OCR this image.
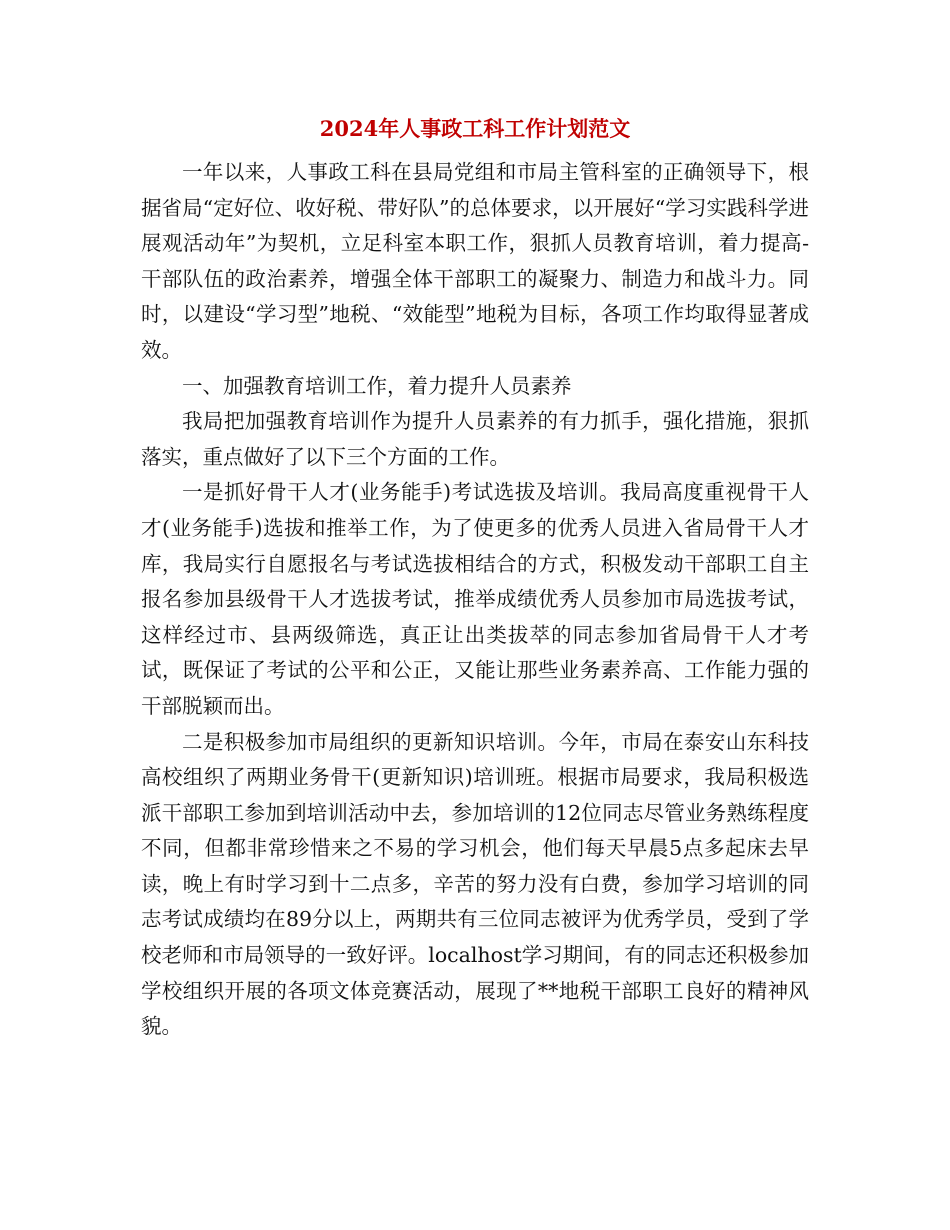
2024年人事政工科工作计划范文

一年以来，人事政工科在县局党组和市局主管科室的正确领导下，根据省局“定好位、收好税、带好队”的总体要求，以开展好“学习实践科学进展观活动年”为契机，立足科室本职工作，狠抓人员教育培训，着力提高-干部队伍的政治素养，增强全体干部职工的凝聚力、制造力和战斗力。同时，以建设“学习型”地税、“效能型”地税为目标，各项工作均取得显著成效。

一、加强教育培训工作，着力提升人员素养

我局把加强教育培训作为提升人员素养的有力抓手，强化措施，狠抓落实，重点做好了以下三个方面的工作。

一是抓好骨干人才(业务能手)考试选拔及培训。我局高度重视骨干人才(业务能手)选拔和推举工作，为了使更多的优秀人员进入省局骨干人才库，我局实行自愿报名与考试选拔相结合的方式，积极发动干部职工自主报名参加县级骨干人才选拔考试，推举成绩优秀人员参加市局选拔考试，这样经过市、县两级筛选，真正让出类拔萃的同志参加省局骨干人才考试，既保证了考试的公平和公正，又能让那些业务素养高、工作能力强的干部脱颖而出。

二是积极参加市局组织的更新知识培训。今年，市局在泰安山东科技高校组织了两期业务骨干(更新知识)培训班。根据市局要求，我局积极选派干部职工参加到培训活动中去，参加培训的12位同志尽管业务熟练程度不同，但都非常珍惜来之不易的学习机会，他们每天早晨5点多起床去早读，晚上有时学习到十二点多，辛苦的努力没有白费，参加学习培训的同志考试成绩均在89分以上，两期共有三位同志被评为优秀学员，受到了学校老师和市局领导的一致好评。localhost学习期间，有的同志还积极参加学校组织开展的各项文体竞赛活动，展现了**地税干部职工良好的精神风貌。
